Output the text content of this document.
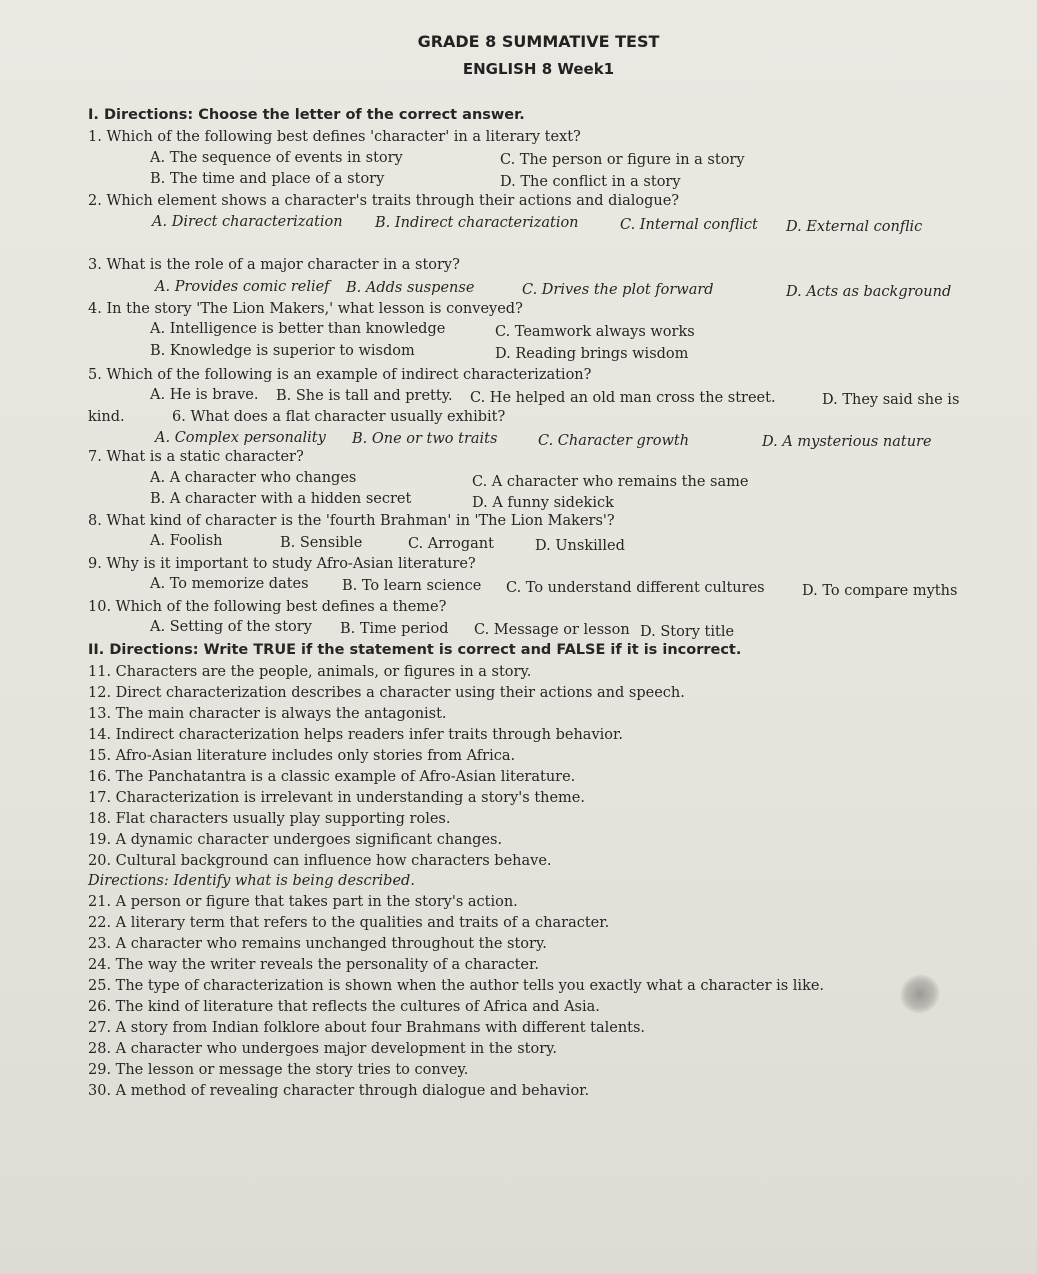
GRADE 8 SUMMATIVE TEST
ENGLISH 8 Week1
I. Directions: Choose the letter of the correct answer.
1. Which of the following best defines 'character' in a literary text?
A. The sequence of events in story	C. The person or figure in a story
B. The time and place of a story	D. The conflict in a story
2. Which element shows a character's traits through their actions and dialogue?
A. Direct characterization B. Indirect characterization	C. Internal conflict D. External conflic
3. What is the role of a major character in a story?
A. Provides comic relief B. Adds suspense	C. Drives the plot forward	D. Acts as background
4. In the story 'The Lion Makers,' what lesson is conveyed?
A. Intelligence is better than knowledge	C. Teamwork always works
B. Knowledge is superior to wisdom	D. Reading brings wisdom
5. Which of the following is an example of indirect characterization?
A. He is brave. B. She is tall and pretty. C. He helped an old man cross the street.	D. They said she is
kind.	6. What does a flat character usually exhibit?
A. Complex personality B. One or two traits	C. Character growth	D. A mysterious nature
7. What is a static character?
A. A character who changes	C. A character who remains the same
B. A character with a hidden secret	D. A funny sidekick
8. What kind of character is the 'fourth Brahman' in 'The Lion Makers'?
A. Foolish	B. Sensible	C. Arrogant	D. Unskilled
9. Why is it important to study Afro-Asian literature?
A. To memorize dates B. To learn science C. To understand different cultures	D. To compare myths
10. Which of the following best defines a theme?
A. Setting of the story B. Time period C. Message or lesson D. Story title
II. Directions: Write TRUE if the statement is correct and FALSE if it is incorrect.
11. Characters are the people, animals, or figures in a story.
12. Direct characterization describes a character using their actions and speech.
13. The main character is always the antagonist.
14. Indirect characterization helps readers infer traits through behavior.
15. Afro-Asian literature includes only stories from Africa.
16. The Panchatantra is a classic example of Afro-Asian literature.
17. Characterization is irrelevant in understanding a story's theme.
18. Flat characters usually play supporting roles.
19. A dynamic character undergoes significant changes.
20. Cultural background can influence how characters behave.
Directions: Identify what is being described.
21. A person or figure that takes part in the story's action.
22. A literary term that refers to the qualities and traits of a character.
23. A character who remains unchanged throughout the story.
24. The way the writer reveals the personality of a character.
25. The type of characterization is shown when the author tells you exactly what a character is like.
26. The kind of literature that reflects the cultures of Africa and Asia.
27. A story from Indian folklore about four Brahmans with different talents.
28. A character who undergoes major development in the story.
29. The lesson or message the story tries to convey.
30. A method of revealing character through dialogue and behavior.
